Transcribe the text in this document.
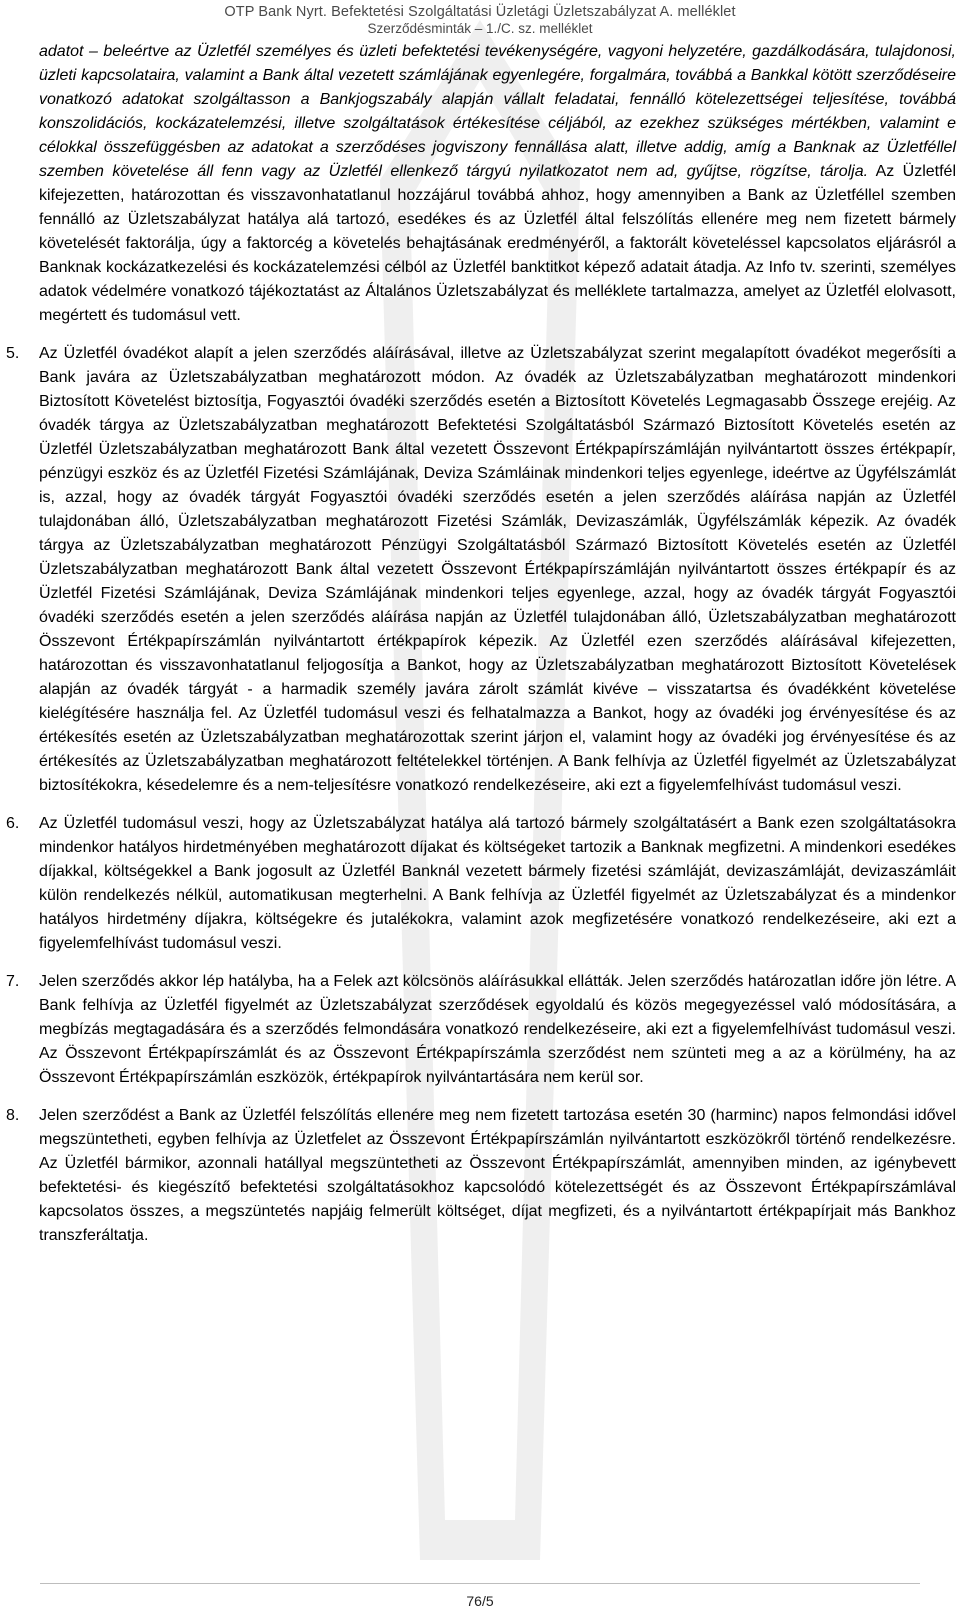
OTP Bank Nyrt. Befektetési Szolgáltatási Üzletági Üzletszabályzat A. melléklet
Szerződésminták – 1./C. sz. melléklet

adatot – beleértve az Üzletfél személyes és üzleti befektetési tevékenységére, vagyoni helyzetére, gazdálkodására, tulajdonosi, üzleti kapcsolataira, valamint a Bank által vezetett számlájának egyenlegére, forgalmára, továbbá a Bankkal kötött szerződéseire vonatkozó adatokat szolgáltasson a Bankjogszabály alapján vállalt feladatai, fennálló kötelezettségei teljesítése, továbbá konszolidációs, kockázatelemzési, illetve szolgáltatások értékesítése céljából, az ezekhez szükséges mértékben, valamint e célokkal összefüggésben az adatokat a szerződéses jogviszony fennállása alatt, illetve addig, amíg a Banknak az Üzletféllel szemben követelése áll fenn vagy az Üzletfél ellenkező tárgyú nyilatkozatot nem ad, gyűjtse, rögzítse, tárolja. Az Üzletfél kifejezetten, határozottan és visszavonhatatlanul hozzájárul továbbá ahhoz, hogy amennyiben a Bank az Üzletféllel szemben fennálló az Üzletszabályzat hatálya alá tartozó, esedékes és az Üzletfél által felszólítás ellenére meg nem fizetett bármely követelését faktorálja, úgy a faktorcég a követelés behajtásának eredményéről, a faktorált követeléssel kapcsolatos eljárásról a Banknak kockázatkezelési és kockázatelemzési célból az Üzletfél banktitkot képező adatait átadja. Az Info tv. szerinti, személyes adatok védelmére vonatkozó tájékoztatást az Általános Üzletszabályzat és melléklete tartalmazza, amelyet az Üzletfél elolvasott, megértett és tudomásul vett.

5. Az Üzletfél óvadékot alapít a jelen szerződés aláírásával, illetve az Üzletszabályzat szerint megalapított óvadékot megerősíti a Bank javára az Üzletszabályzatban meghatározott módon. Az óvadék az Üzletszabályzatban meghatározott mindenkori Biztosított Követelést biztosítja, Fogyasztói óvadéki szerződés esetén a Biztosított Követelés Legmagasabb Összege erejéig. Az óvadék tárgya az Üzletszabályzatban meghatározott Befektetési Szolgáltatásból Származó Biztosított Követelés esetén az Üzletfél Üzletszabályzatban meghatározott Bank által vezetett Összevont Értékpapírszámláján nyilvántartott összes értékpapír, pénzügyi eszköz és az Üzletfél Fizetési Számlájának, Deviza Számláinak mindenkori teljes egyenlege, ideértve az Ügyfélszámlát is, azzal, hogy az óvadék tárgyát Fogyasztói óvadéki szerződés esetén a jelen szerződés aláírása napján az Üzletfél tulajdonában álló, Üzletszabályzatban meghatározott Fizetési Számlák, Devizaszámlák, Ügyfélszámlák képezik. Az óvadék tárgya az Üzletszabályzatban meghatározott Pénzügyi Szolgáltatásból Származó Biztosított Követelés esetén az Üzletfél Üzletszabályzatban meghatározott Bank által vezetett Összevont Értékpapírszámláján nyilvántartott összes értékpapír és az Üzletfél Fizetési Számlájának, Deviza Számlájának mindenkori teljes egyenlege, azzal, hogy az óvadék tárgyát Fogyasztói óvadéki szerződés esetén a jelen szerződés aláírása napján az Üzletfél tulajdonában álló, Üzletszabályzatban meghatározott Összevont Értékpapírszámlán nyilvántartott értékpapírok képezik. Az Üzletfél ezen szerződés aláírásával kifejezetten, határozottan és visszavonhatatlanul feljogosítja a Bankot, hogy az Üzletszabályzatban meghatározott Biztosított Követelések alapján az óvadék tárgyát - a harmadik személy javára zárolt számlát kivéve – visszatartsa és óvadékként követelése kielégítésére használja fel. Az Üzletfél tudomásul veszi és felhatalmazza a Bankot, hogy az óvadéki jog érvényesítése és az értékesítés esetén az Üzletszabályzatban meghatározottak szerint járjon el, valamint hogy az óvadéki jog érvényesítése és az értékesítés az Üzletszabályzatban meghatározott feltételekkel történjen. A Bank felhívja az Üzletfél figyelmét az Üzletszabályzat biztosítékokra, késedelemre és a nem-teljesítésre vonatkozó rendelkezéseire, aki ezt a figyelemfelhívást tudomásul veszi.

6. Az Üzletfél tudomásul veszi, hogy az Üzletszabályzat hatálya alá tartozó bármely szolgáltatásért a Bank ezen szolgáltatásokra mindenkor hatályos hirdetményében meghatározott díjakat és költségeket tartozik a Banknak megfizetni. A mindenkori esedékes díjakkal, költségekkel a Bank jogosult az Üzletfél Banknál vezetett bármely fizetési számláját, devizaszámláját, devizaszámláit külön rendelkezés nélkül, automatikusan megterhelni. A Bank felhívja az Üzletfél figyelmét az Üzletszabályzat és a mindenkor hatályos hirdetmény díjakra, költségekre és jutalékokra, valamint azok megfizetésére vonatkozó rendelkezéseire, aki ezt a figyelemfelhívást tudomásul veszi.

7. Jelen szerződés akkor lép hatályba, ha a Felek azt kölcsönös aláírásukkal ellátták. Jelen szerződés határozatlan időre jön létre. A Bank felhívja az Üzletfél figyelmét az Üzletszabályzat szerződések egyoldalú és közös megegyezéssel való módosítására, a megbízás megtagadására és a szerződés felmondására vonatkozó rendelkezéseire, aki ezt a figyelemfelhívást tudomásul veszi. Az Összevont Értékpapírszámlát és az Összevont Értékpapírszámla szerződést nem szünteti meg a az a körülmény, ha az Összevont Értékpapírszámlán eszközök, értékpapírok nyilvántartására nem kerül sor.

8. Jelen szerződést a Bank az Üzletfél felszólítás ellenére meg nem fizetett tartozása esetén 30 (harminc) napos felmondási idővel megszüntetheti, egyben felhívja az Üzletfelet az Összevont Értékpapírszámlán nyilvántartott eszközökről történő rendelkezésre. Az Üzletfél bármikor, azonnali hatállyal megszüntetheti az Összevont Értékpapírszámlát, amennyiben minden, az igénybevett befektetési- és kiegészítő befektetési szolgáltatásokhoz kapcsolódó kötelezettségét és az Összevont Értékpapírszámlával kapcsolatos összes, a megszüntetés napjáig felmerült költséget, díjat megfizeti, és a nyilvántartott értékpapírjait más Bankhoz transzferáltatja.

76/5
